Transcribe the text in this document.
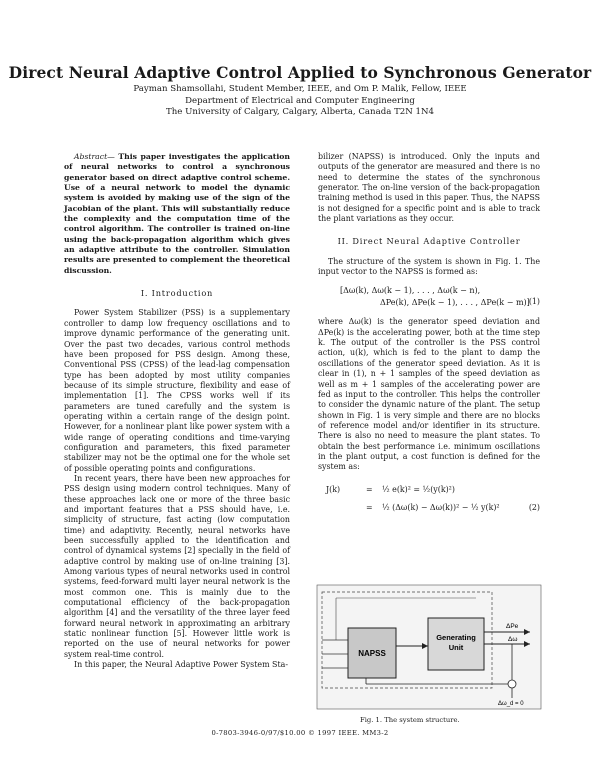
Direct Neural Adaptive Control Applied to Synchronous Generator
Payman Shamsollahi, Student Member, IEEE, and Om P. Malik, Fellow, IEEE
Department of Electrical and Computer Engineering
The University of Calgary, Calgary, Alberta, Canada T2N 1N4

Abstract— This paper investigates the application of neural networks to control a synchronous generator based on direct adaptive control scheme. Use of a neural network to model the dynamic system is avoided by making use of the sign of the Jacobian of the plant. This will substantially reduce the complexity and the computation time of the control algorithm. The controller is trained on-line using the back-propagation algorithm which gives an adaptive attribute to the controller. Simulation results are presented to complement the theoretical discussion.

I. Introduction

Power System Stabilizer (PSS) is a supplementary controller to damp low frequency oscillations and to improve dynamic performance of the generating unit. Over the past two decades, various control methods have been proposed for PSS design. Among these, Conventional PSS (CPSS) of the lead-lag compensation type has been adopted by most utility companies because of its simple structure, flexibility and ease of implementation [1]. The CPSS works well if its parameters are tuned carefully and the system is operating within a certain range of the design point. However, for a nonlinear plant like power system with a wide range of operating conditions and time-varying configuration and parameters, this fixed parameter stabilizer may not be the optimal one for the whole set of possible operating points and configurations.

In recent years, there have been new approaches for PSS design using modern control techniques. Many of these approaches lack one or more of the three basic and important features that a PSS should have, i.e. simplicity of structure, fast acting (low computation time) and adaptivity. Recently, neural networks have been successfully applied to the identification and control of dynamical systems [2] specially in the field of adaptive control by making use of on-line training [3]. Among various types of neural networks used in control systems, feed-forward multi layer neural network is the most common one. This is mainly due to the computational efficiency of the back-propagation algorithm [4] and the versatility of the three layer feed forward neural network in approximating an arbitrary static nonlinear function [5]. However little work is reported on the use of neural networks for power system real-time control.

In this paper, the Neural Adaptive Power System Sta-

bilizer (NAPSS) is introduced. Only the inputs and outputs of the generator are measured and there is no need to determine the states of the synchronous generator. The on-line version of the back-propagation training method is used in this paper. Thus, the NAPSS is not designed for a specific point and is able to track the plant variations as they occur.

II. Direct Neural Adaptive Controller

The structure of the system is shown in Fig. 1. The input vector to the NAPSS is formed as:

[Δω(k), Δω(k − 1), . . . , Δω(k − n),
ΔPe(k), ΔPe(k − 1), . . . , ΔPe(k − m)] (1)

where Δω(k) is the generator speed deviation and ΔPe(k) is the accelerating power, both at the time step k. The output of the controller is the PSS control action, u(k), which is fed to the plant to damp the oscillations of the generator speed deviation. As it is clear in (1), n + 1 samples of the speed deviation as well as m + 1 samples of the accelerating power are fed as input to the controller. This helps the controller to consider the dynamic nature of the plant. The setup shown in Fig. 1 is very simple and there are no blocks of reference model and/or identifier in its structure. There is also no need to measure the plant states. To obtain the best performance i.e. minimum oscillations in the plant output, a cost function is defined for the system as:

J(k)	= ½ e(k)² = ½(y(k)²)
= ½ (Δω(k) − Δω(k))² − ½ y(k)²	(2)
NAPSS
Generating
Unit
ΔPe
Δω
Δω_d = 0
Fig. 1. The system structure.
0-7803-3946-0/97/$10.00 © 1997 IEEE. MM3-2
